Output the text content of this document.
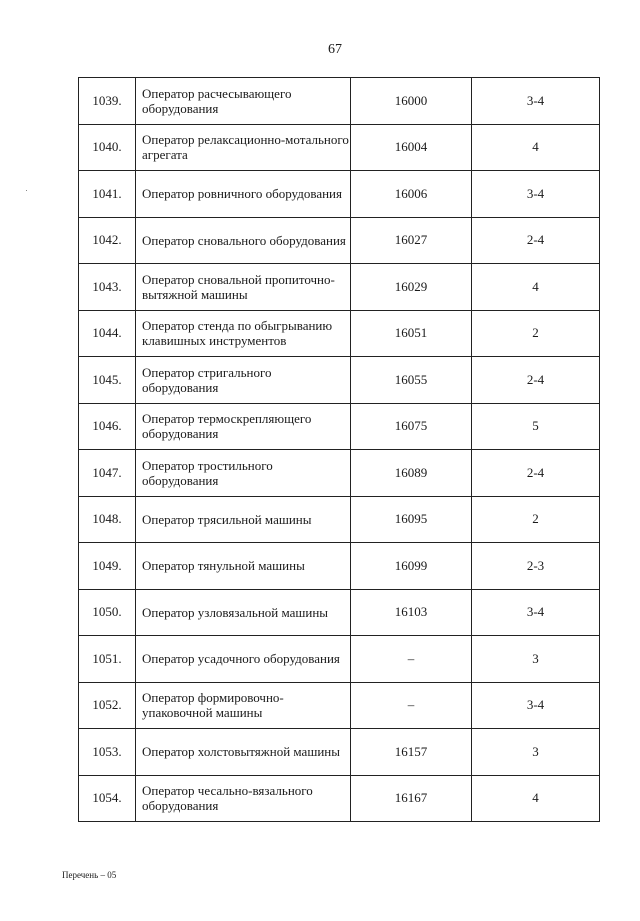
67
1039.	Оператор расчесывающего оборудования	16000	3-4
1040.	Оператор релаксационно-мотального агрегата	16004	4
1041.	Оператор ровничного оборудования	16006	3-4
1042.	Оператор сновального оборудования	16027	2-4
1043.	Оператор сновальной пропиточно-вытяжной машины	16029	4
1044.	Оператор стенда по обыгрыванию клавишных инструментов	16051	2
1045.	Оператор стригального оборудования	16055	2-4
1046.	Оператор термоскрепляющего оборудования	16075	5
1047.	Оператор тростильного оборудования	16089	2-4
1048.	Оператор трясильной машины	16095	2
1049.	Оператор тянульной машины	16099	2-3
1050.	Оператор узловязальной машины	16103	3-4
1051.	Оператор усадочного оборудования	–	3
1052.	Оператор формировочно-упаковочной машины	–	3-4
1053.	Оператор холстовытяжной машины	16157	3
1054.	Оператор чесально-вязального оборудования	16167	4
Перечень – 05
